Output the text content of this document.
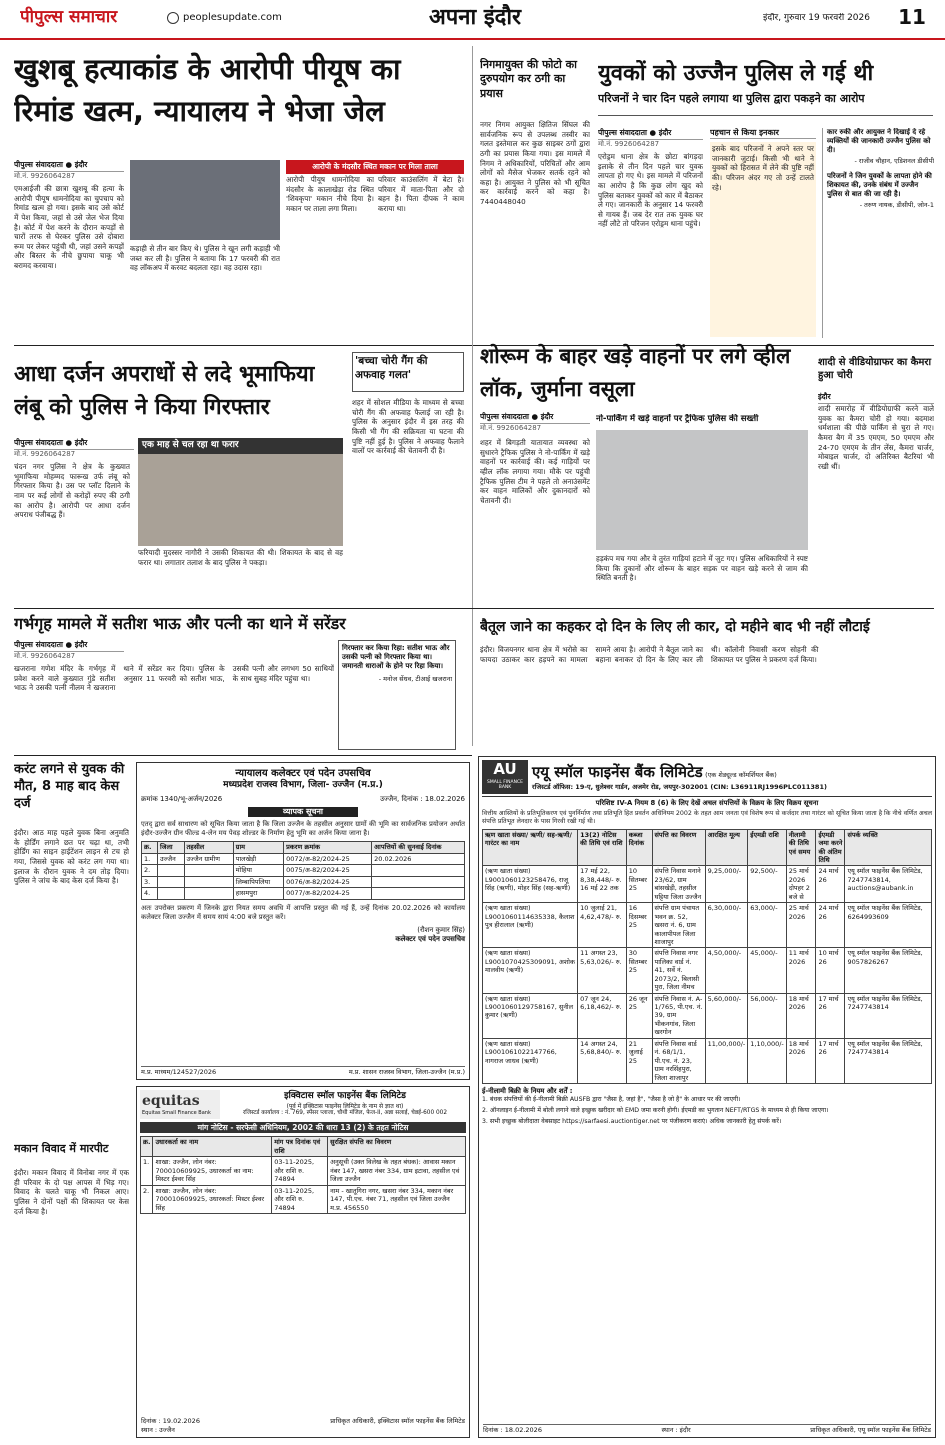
पीपुल्स समाचार	peoplesupdate.com	अपना इंदौर	इंदौर, गुरुवार 19 फरवरी 2026	11
खुशबू हत्याकांड के आरोपी पीयूष का रिमांड खत्म, न्यायालय ने भेजा जेल
पीपुल्स संवाददाता ● इंदौर
मो.नं. 9926064287
एमआईजी की छात्रा खुशबू की हत्या के आरोपी पीयूष धामनोदिया का चुपचाप को रिमांड खत्म हो गया। इसके बाद उसे कोर्ट में पेश किया, जहां से उसे जेल भेज दिया है। कोर्ट में पेश करने के दौरान कपड़ों से चारों तरफ से घेरकर पुलिस उसे दोबारा रूम पर लेकर पहुंची थी, जहां उसने कपड़ों और बिस्तर के नीचे छुपाया चाकू भी बरामद करवाया।
कड़ाही से तीन बार किए थे। पुलिस ने खून लगी कड़ाही भी जब्त कर ली है। पुलिस ने बताया कि 17 फरवरी की रात वह लॉकअप में करवट बदलता रहा। वह उदास रहा।
आरोपी के मंदसौर स्थित मकान पर मिला ताला
आरोपी पीयूष धामनोदिया का मंदसौर के कालाखेड़ा रोड स्थित 'शिवकृपा' मकान नीचे दिया है। मकान पर ताला लगा मिला।
परिवार काउंसलिंग में बेटा है। परिवार में माता-पिता और दो बहन है। पिता दीपक ने काम कराया था।
निगमायुक्त की फोटो का दुरुपयोग कर ठगी का प्रयास
नगर निगम आयुक्त क्षितिज सिंघल की सार्वजनिक रूप से उपलब्ध तस्वीर का गलत इस्तेमाल कर कुछ साइबर ठगों द्वारा ठगी का प्रयास किया गया। इस मामले में निगम ने अधिकारियों, परिचितों और आम लोगों को मैसेज भेजकर सतर्क रहने को कहा है। आयुक्त ने पुलिस को भी सूचित कर कार्रवाई करने को कहा है। 7440448040
युवकों को उज्जैन पुलिस ले गई थी
परिजनों ने चार दिन पहले लगाया था पुलिस द्वारा पकड़ने का आरोप
पीपुल्स संवाददाता ● इंदौर
मो.नं. 9926064287
एरोड्रम थाना क्षेत्र के छोटा बांगड़दा इलाके से तीन दिन पहले चार युवक लापता हो गए थे। इस मामले में परिजनों का आरोप है कि कुछ लोग खुद को पुलिस बताकर युवकों को कार में बैठाकर ले गए। जानकारी के अनुसार 14 फरवरी से गायब हैं। जब देर रात तक युवक घर नहीं लौटे तो परिजन एरोड्रम थाना पहुंचे।
पहचान से किया इनकार
इसके बाद परिजनों ने अपने स्तर पर जानकारी जुटाई। किसी भी थाने ने युवकों को हिरासत में लेने की पुष्टि नहीं की। परिजन अंदर गए तो उन्हें टालते रहे।
कार रुकी और आयुक्त ने दिखाई दे रहे व्यक्तियों की जानकारी उज्जैन पुलिस को दी।
- राजीव चौहान, एडिशनल डीसीपी
परिजनों ने जिन युवकों के लापता होने की शिकायत की, उनके संबंध में उज्जैन पुलिस से बात की जा रही है।
- तरुण नायक, डीसीपी, जोन-1
आधा दर्जन अपराधों से लदे भूमाफिया लंबू को पुलिस ने किया गिरफ्तार
पीपुल्स संवाददाता ● इंदौर
मो.नं. 9926064287
चंदन नगर पुलिस ने क्षेत्र के कुख्यात भूमाफिया मोहम्मद फारूख उर्फ लंबू को गिरफ्तार किया है। उस पर प्लॉट दिलाने के नाम पर कई लोगों से करोड़ों रुपए की ठगी का आरोप है। आरोपी पर आधा दर्जन अपराध पंजीबद्ध हैं।
एक माह से चल रहा था फरार
फरियादी मुदस्सर नागौरी ने उसकी शिकायत की थी। शिकायत के बाद से वह फरार था। लगातार तलाश के बाद पुलिस ने पकड़ा।
'बच्चा चोरी गैंग की अफवाह गलत'
शहर में सोशल मीडिया के माध्यम से बच्चा चोरी गैंग की अफवाह फैलाई जा रही है। पुलिस के अनुसार इंदौर में इस तरह की किसी भी गैंग की सक्रियता या घटना की पुष्टि नहीं हुई है। पुलिस ने अफवाह फैलाने वालों पर कार्रवाई की चेतावनी दी है।
शोरूम के बाहर खड़े वाहनों पर लगे व्हील लॉक, जुर्माना वसूला
पीपुल्स संवाददाता ● इंदौर
मो.नं. 9926064287
नो-पार्किंग में खड़े वाहनों पर ट्रैफिक पुलिस की सख्ती
शहर में बिगड़ती यातायात व्यवस्था को सुधारने ट्रैफिक पुलिस ने नो-पार्किंग में खड़े वाहनों पर कार्रवाई की। कई गाड़ियों पर व्हील लॉक लगाया गया। मौके पर पहुंची ट्रैफिक पुलिस टीम ने पहले तो अनाउंसमेंट कर वाहन मालिकों और दुकानदारों को चेतावनी दी।
हड़कंप मच गया और वे तुरंत गाड़ियां हटाने में जुट गए। पुलिस अधिकारियों ने स्पष्ट किया कि दुकानों और शोरूम के बाहर सड़क पर वाहन खड़े करने से जाम की स्थिति बनती है।
शादी से वीडियोग्राफर का कैमरा हुआ चोरी
इंदौर
शादी समारोह में वीडियोग्राफी करने वाले युवक का कैमरा चोरी हो गया। बदमाश धर्मशाला की पीछे पार्किंग से चुरा ले गए। कैमरा बैग में 35 एमएम, 50 एमएम और 24-70 एमएम के तीन लेंस, कैमरा चार्जर, मोबाइल चार्जर, दो अतिरिक्त बैटरियां भी रखी थीं।
गर्भगृह मामले में सतीश भाऊ और पत्नी का थाने में सरेंडर
पीपुल्स संवाददाता ● इंदौर
मो.नं. 9926064287
खजराना गणेश मंदिर के गर्भगृह में प्रवेश करने वाले कुख्यात गुंडे सतीश भाऊ ने उसकी पत्नी नीलम ने खजराना थाने में सरेंडर कर दिया। पुलिस के अनुसार 11 फरवरी को सतीश भाऊ, उसकी पत्नी और लगभग 50 साथियों के साथ सुबह मंदिर पहुंचा था।
गिरफ्तार कर किया रिहा: सतीश भाऊ और उसकी पत्नी को गिरफ्तार किया था। जमानती धाराओं के होने पर रिहा किया।
- मनोज सेंधव, टीआई खजराना
बैतूल जाने का कहकर दो दिन के लिए ली कार, दो महीने बाद भी नहीं लौटाई
इंदौर। विजयनगर थाना क्षेत्र में भरोसे का फायदा उठाकर कार हड़पने का मामला सामने आया है। आरोपी ने बैतूल जाने का बहाना बनाकर दो दिन के लिए कार ली थी। कॉलोनी निवासी करण सोहनी की शिकायत पर पुलिस ने प्रकरण दर्ज किया।
करंट लगने से युवक की मौत, 8 माह बाद केस दर्ज
इंदौर। आठ माह पहले युवक बिना अनुमति के होर्डिंग लगाने छत पर चढ़ा था, तभी होर्डिंग का साइन हाईटेंशन लाइन से टच हो गया, जिससे युवक को करंट लग गया था। इलाज के दौरान युवक ने दम तोड़ दिया। पुलिस ने जांच के बाद केस दर्ज किया है।
मकान विवाद में मारपीट
इंदौर। मकान विवाद में विनोबा नगर में एक ही परिवार के दो पक्ष आपस में भिड़ गए। विवाद के चलते चाकू भी निकल आए। पुलिस ने दोनों पक्षों की शिकायत पर केस दर्ज किया है।
न्यायालय कलेक्टर एवं पदेन उपसचिव
मध्यप्रदेश राजस्व विभाग, जिला- उज्जैन (म.प्र.)
क्रमांक 1340/भू-अर्जन/2026	उज्जैन, दिनांक : 18.02.2026
व्यापक सूचना
एतद् द्वारा सर्व साधारण को सूचित किया जाता है कि जिला उज्जैन के तहसील अनुसार ग्रामों की भूमि का सार्वजनिक प्रयोजन अर्थात इंदौर-उज्जैन ग्रीन फील्ड 4-लेन मय पेवड़ शोल्डर के निर्माण हेतु भूमि का अर्जन किया जाना है।
क्र.	जिला	तहसील	ग्राम	प्रकरण क्रमांक	आपत्तियों की सुनवाई दिनांक
1.	उज्जैन	उज्जैन ग्रामीण	पालखेड़ी	0072/अ-82/2024-25	20.02.2026
2.			मोहिया	0075/अ-82/2024-25	
3.			लिम्बापिपलिया	0076/अ-82/2024-25	
4.			हासमपुरा	0077/अ-82/2024-25	
अतः उपरोक्त प्रकरण में जिनके द्वारा नियत समय अवधि में आपत्ति प्रस्तुत की गई हैं, उन्हें दिनांक 20.02.2026 को कार्यालय कलेक्टर जिला उज्जैन में समय सायं 4:00 बजे प्रस्तुत करें।
(रौशन कुमार सिंह)
कलेक्टर एवं पदेन उपसचिव
म.प्र. माध्यम/124527/2026	म.प्र. शासन राजस्व विभाग, जिला-उज्जैन (म.प्र.)
equitas
Equitas Small Finance Bank
इक्विटास स्मॉल फाइनेंस बैंक लिमिटेड
(पूर्व में इक्विटास फाइनेंस लिमिटेड के नाम से ज्ञात था)
रजिस्टर्ड कार्यालय : नं. 769, स्पेंसर प्लाजा, चौथी मंजिल, फेज-II, अन्ना सलाई, चेन्नई-600 002
मांग नोटिस - सरफेसी अधिनियम, 2002 की धारा 13 (2) के तहत नोटिस
क्र.	उधारकर्ता का नाम	मांग पत्र दिनांक एवं राशि	सुरक्षित संपत्ति का विवरण
1.	शाखा: उज्जैन, लोन नंबर: 700010609925, उधारकर्ता का नाम: मिस्टर ईश्वर सिंह	03-11-2025, और राशि रु. 74894	अनुसूची (उक्त विलेख के तहत बंधक): आवास मकान नंबर 147, खसरा नंबर 334, ग्राम इटावा, तहसील एवं जिला उज्जैन
2.	शाखा: उज्जैन, लोन नंबर: 700010609925, उधारकर्ता: मिस्टर ईश्वर सिंह	03-11-2025, और राशि रु. 74894	नाम - खातूगिरा नगर, खसरा नंबर 334, मकान नंबर 147, पी.एच. नंबर 71, तहसील एवं जिला उज्जैन म.प्र. 456550
दिनांक : 19.02.2026
स्थान : उज्जैन
प्राधिकृत अधिकारी, इक्विटास स्मॉल फाइनेंस बैंक लिमिटेड
AU
SMALL FINANCE BANK
एयू स्मॉल फाइनेंस बैंक लिमिटेड (एक शेड्यूल्ड कॉमर्शियल बैंक)
रजिस्टर्ड ऑफिस: 19-ए, धुलेश्वर गार्डन, अजमेर रोड, जयपुर-302001 (CIN: L36911RJ1996PLC011381)
परिशिष्ट IV-A नियम 8 (6) के लिए देखें अचल संपत्तियों के विक्रय के लिए विक्रय सूचना
वित्तीय आस्तियों के प्रतिभूतिकरण एवं पुनर्निर्माण तथा प्रतिभूति हित प्रवर्तन अधिनियम 2002 के तहत आम जनता एवं विशेष रूप से कर्जदार तथा गारंटर को सूचित किया जाता है कि नीचे वर्णित अचल संपत्ति प्रतिभूत लेनदार के पास गिरवी रखी गई थी।
ऋण खाता संख्या/ ऋणी/ सह-ऋणी/ गारंटर का नाम	13(2) नोटिस की तिथि एवं राशि	कब्जा दिनांक	संपत्ति का विवरण	आरक्षित मूल्य	ईएमडी राशि	नीलामी की तिथि एवं समय	ईएमडी जमा करने की अंतिम तिथि	संपर्क व्यक्ति
(ऋण खाता संख्या) L9001060123258476, राजू सिंह (ऋणी), मोहर सिंह (सह-ऋणी)	17 मई 22, 8,38,448/- रु. 16 मई 22 तक	10 सितम्बर 25	संपत्ति निवास मनाने 23/62, ग्राम बांसखेड़ी, तहसील घट्टिया जिला उज्जैन	9,25,000/-	92,500/-	25 मार्च 2026 दोपहर 2 बजे से	24 मार्च 26	एयू स्मॉल फाइनेंस बैंक लिमिटेड, 7247743814, auctions@aubank.in
(ऋण खाता संख्या) L9001060114635338, कैलाश पुत्र हीरालाल (ऋणी)	10 जुलाई 21, 4,62,478/- रु.	16 दिसम्बर 25	संपत्ति ग्राम पंचायत भवन क्र. 52, खसरा नं. 6, ग्राम कालापीपल जिला शाजापुर	6,30,000/-	63,000/-	25 मार्च 2026	24 मार्च 26	एयू स्मॉल फाइनेंस बैंक लिमिटेड, 6264993609
(ऋण खाता संख्या) L9001070425309091, अशोक मालवीय (ऋणी)	11 अगस्त 23, 5,63,026/- रु.	30 सितम्बर 25	संपत्ति निवास नगर पालिका वार्ड नं. 41, सर्वे नं. 2073/2, बिलासी पुरा, जिला नीमच	4,50,000/-	45,000/-	11 मार्च 2026	10 मार्च 26	एयू स्मॉल फाइनेंस बैंक लिमिटेड, 9057826267
(ऋण खाता संख्या) L9001060129758167, सुनील कुमार (ऋणी)	07 जून 24, 6,18,462/- रु.	26 जून 25	संपत्ति निवास नं. A-1/765, पी.एच. नं. 39, ग्राम भीकनगांव, जिला खरगोन	5,60,000/-	56,000/-	18 मार्च 2026	17 मार्च 26	एयू स्मॉल फाइनेंस बैंक लिमिटेड, 7247743814
(ऋण खाता संख्या) L9001061022147766, नागराज जाधव (ऋणी)	14 अगस्त 24, 5,68,840/- रु.	21 जुलाई 25	संपत्ति निवास वार्ड नं. 68/1/1, पी.एच. नं. 23, ग्राम नरसिंहपुरा, जिला शाजापुर	11,00,000/-	1,10,000/-	18 मार्च 2026	17 मार्च 26	एयू स्मॉल फाइनेंस बैंक लिमिटेड, 7247743814
ई-नीलामी बिक्री के नियम और शर्तें :
1. बंधक संपत्तियों की ई-नीलामी बिक्री AUSFB द्वारा "जैसा है, जहां है", "जैसा है जो है" के आधार पर की जाएगी।
2. ऑनलाइन ई-नीलामी में बोली लगाने वाले इच्छुक खरीदार को EMD जमा करनी होगी। ईएमडी का भुगतान NEFT/RTGS के माध्यम से ही किया जाएगा।
3. सभी इच्छुक बोलीदाता वेबसाइट https://sarfaesi.auctiontiger.net पर पंजीकरण कराएं। अधिक जानकारी हेतु संपर्क करें।
दिनांक : 18.02.2026	स्थान : इंदौर	प्राधिकृत अधिकारी, एयू स्मॉल फाइनेंस बैंक लिमिटेड
